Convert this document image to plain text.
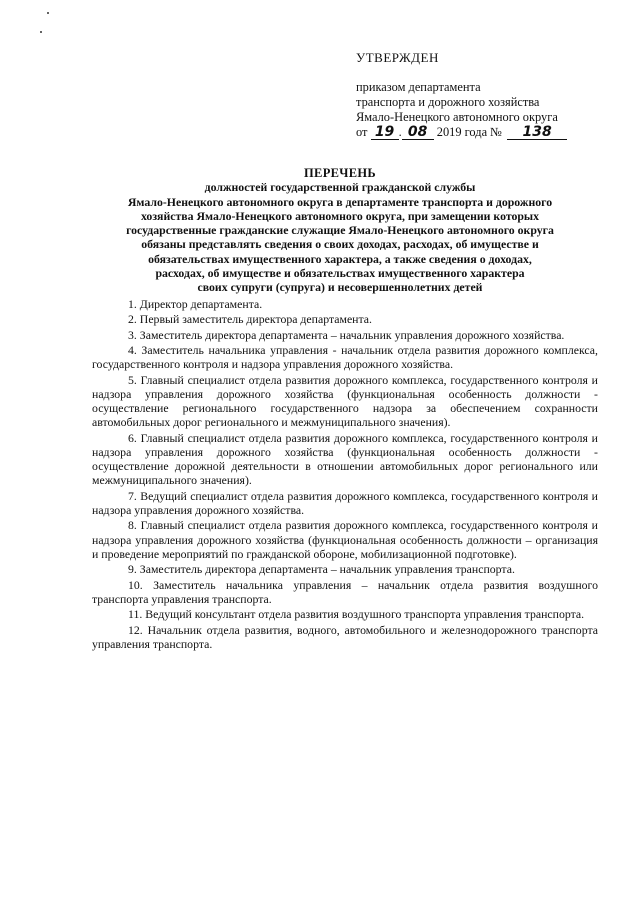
УТВЕРЖДЕН
приказом департамента
транспорта и дорожного хозяйства
Ямало-Ненецкого автономного округа
от 19 . 08 2019 года № 138
ПЕРЕЧЕНЬ
должностей государственной гражданской службы
Ямало-Ненецкого автономного округа в департаменте транспорта и дорожного
хозяйства Ямало-Ненецкого автономного округа, при замещении которых
государственные гражданские служащие Ямало-Ненецкого автономного округа
обязаны представлять сведения о своих доходах, расходах, об имуществе и
обязательствах имущественного характера, а также сведения о доходах,
расходах, об имуществе и обязательствах имущественного характера
своих супруги (супруга) и несовершеннолетних детей

1. Директор департамента.

2. Первый заместитель директора департамента.

3. Заместитель директора департамента – начальник управления дорожного хозяйства.

4. Заместитель начальника управления - начальник отдела развития дорожного комплекса, государственного контроля и надзора управления дорожного хозяйства.

5. Главный специалист отдела развития дорожного комплекса, государственного контроля и надзора управления дорожного хозяйства (функциональная особенность должности - осуществление регионального государственного надзора за обеспечением сохранности автомобильных дорог регионального и межмуниципального значения).

6. Главный специалист отдела развития дорожного комплекса, государственного контроля и надзора управления дорожного хозяйства (функциональная особенность должности - осуществление дорожной деятельности в отношении автомобильных дорог регионального или межмуниципального значения).

7. Ведущий специалист отдела развития дорожного комплекса, государственного контроля и надзора управления дорожного хозяйства.

8. Главный специалист отдела развития дорожного комплекса, государственного контроля и надзора управления дорожного хозяйства (функциональная особенность должности – организация и проведение мероприятий по гражданской обороне, мобилизационной подготовке).

9. Заместитель директора департамента – начальник управления транспорта.

10. Заместитель начальника управления – начальник отдела развития воздушного транспорта управления транспорта.

11. Ведущий консультант отдела развития воздушного транспорта управления транспорта.

12. Начальник отдела развития, водного, автомобильного и железнодорожного транспорта управления транспорта.
